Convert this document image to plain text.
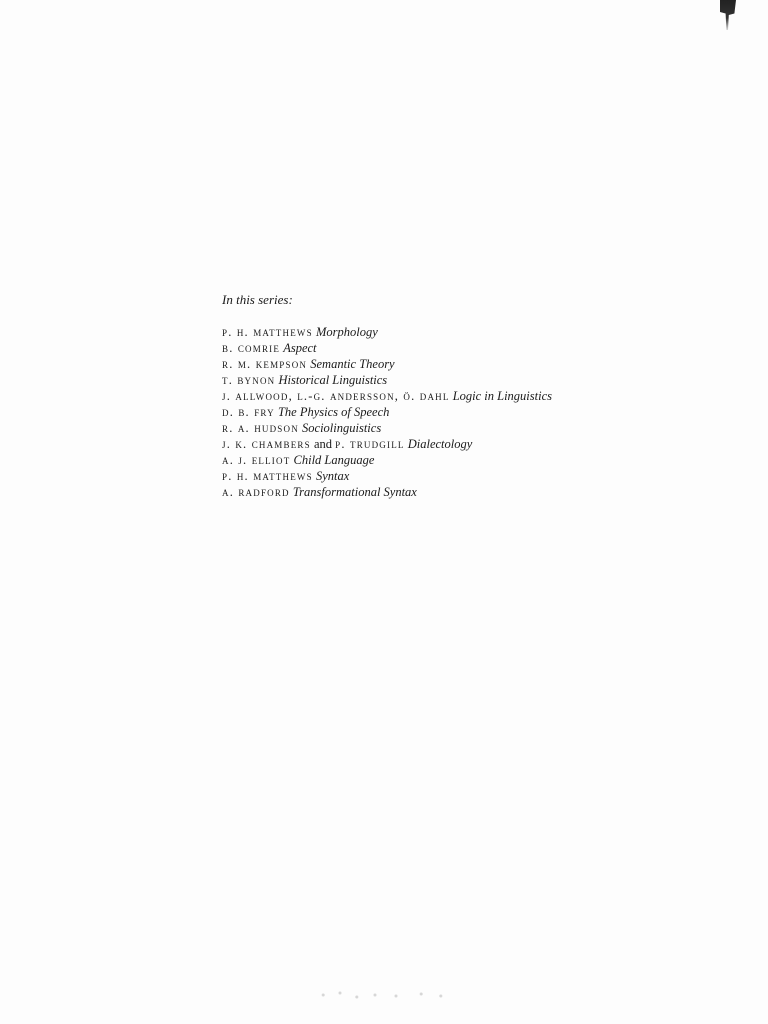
In this series:
p. h. matthews Morphology
b. comrie Aspect
r. m. kempson Semantic Theory
t. bynon Historical Linguistics
j. allwood, l.-g. andersson, ö. dahl Logic in Linguistics
d. b. fry The Physics of Speech
r. a. hudson Sociolinguistics
j. k. chambers and p. trudgill Dialectology
a. j. elliot Child Language
p. h. matthews Syntax
a. radford Transformational Syntax
